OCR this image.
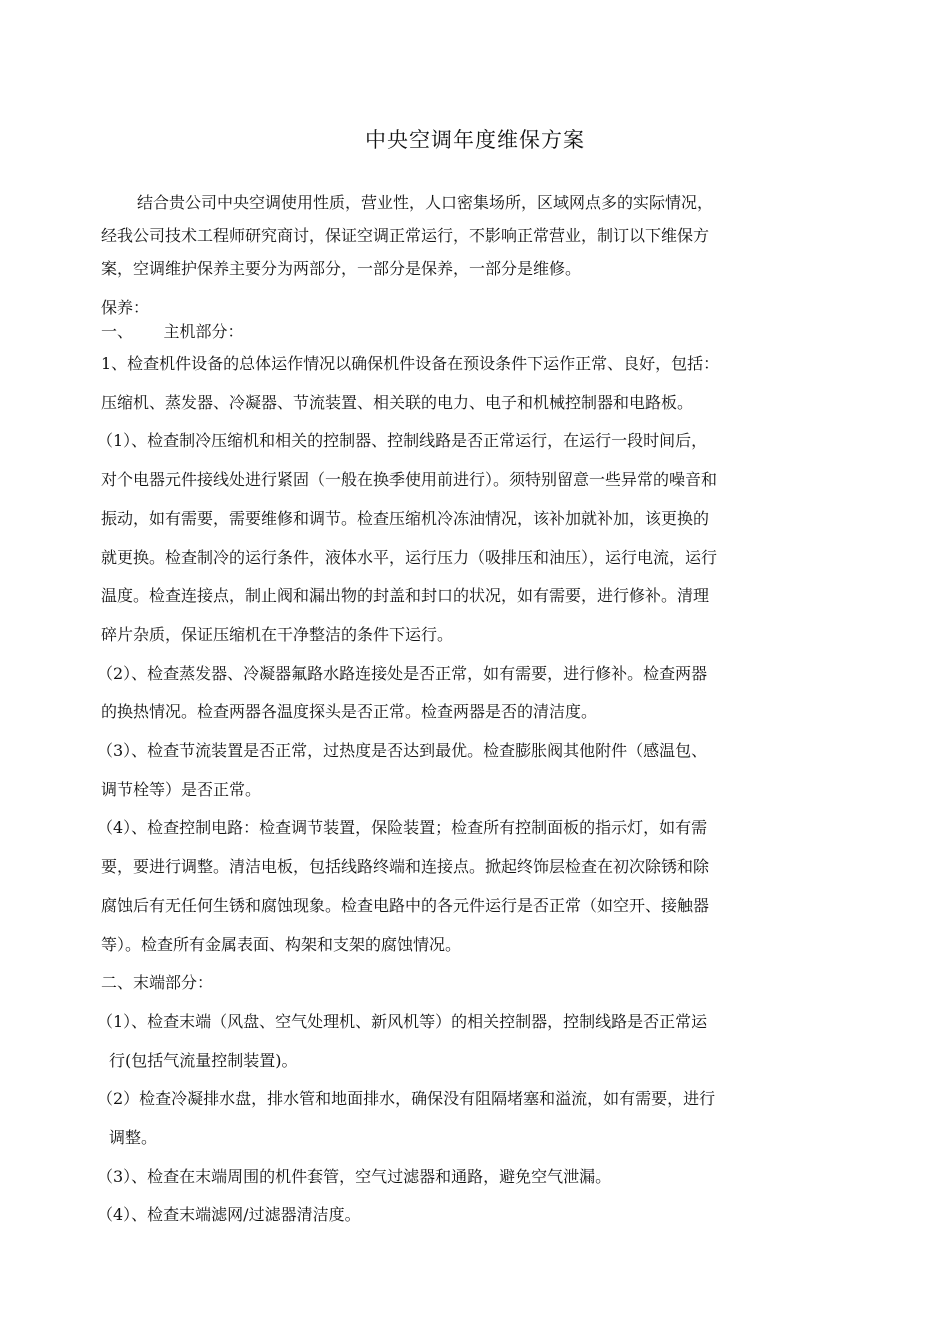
中央空调年度维保方案

结合贵公司中央空调使用性质，营业性，人口密集场所，区域网点多的实际情况，

经我公司技术工程师研究商讨，保证空调正常运行，不影响正常营业，制订以下维保方

案，空调维护保养主要分为两部分，一部分是保养，一部分是维修。

保养：

一、      主机部分：

1、检查机件设备的总体运作情况以确保机件设备在预设条件下运作正常、良好，包括：

压缩机、蒸发器、冷凝器、节流装置、相关联的电力、电子和机械控制器和电路板。

（1）、检查制冷压缩机和相关的控制器、控制线路是否正常运行，在运行一段时间后，

对个电器元件接线处进行紧固（一般在换季使用前进行）。须特别留意一些异常的噪音和

振动，如有需要，需要维修和调节。检查压缩机冷冻油情况，该补加就补加，该更换的

就更换。检查制冷的运行条件，液体水平，运行压力（吸排压和油压），运行电流，运行

温度。检查连接点，制止阀和漏出物的封盖和封口的状况，如有需要，进行修补。清理

碎片杂质，保证压缩机在干净整洁的条件下运行。

（2）、检查蒸发器、冷凝器氟路水路连接处是否正常，如有需要，进行修补。检查两器

的换热情况。检查两器各温度探头是否正常。检查两器是否的清洁度。

（3）、检查节流装置是否正常，过热度是否达到最优。检查膨胀阀其他附件（感温包、

调节栓等）是否正常。

（4）、检查控制电路：检查调节装置，保险装置；检查所有控制面板的指示灯，如有需

要，要进行调整。清洁电板，包括线路终端和连接点。掀起终饰层检查在初次除锈和除

腐蚀后有无任何生锈和腐蚀现象。检查电路中的各元件运行是否正常（如空开、接触器

等）。检查所有金属表面、构架和支架的腐蚀情况。

二、末端部分：

（1）、检查末端（风盘、空气处理机、新风机等）的相关控制器，控制线路是否正常运

行(包括气流量控制装置)。

（2）检查冷凝排水盘，排水管和地面排水，确保没有阻隔堵塞和溢流，如有需要，进行

调整。

（3）、检查在末端周围的机件套管，空气过滤器和通路，避免空气泄漏。

（4）、检查末端滤网/过滤器清洁度。
